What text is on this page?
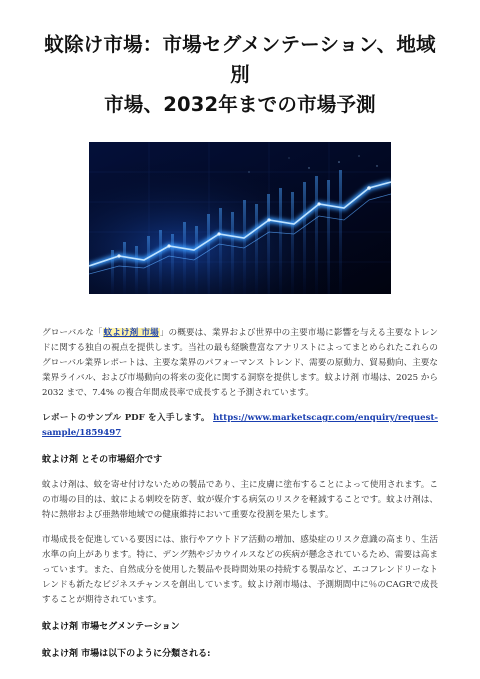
蚊除け市場：市場セグメンテーション、地域別
市場、2032年までの市場予測

グローバルな「蚊よけ剤 市場」の概要は、業界および世界中の主要市場に影響を与える主要なトレンドに関する独自の視点を提供します。当社の最も経験豊富なアナリストによってまとめられたこれらのグローバル業界レポートは、主要な業界のパフォーマンス トレンド、需要の原動力、貿易動向、主要な業界ライバル、および市場動向の将来の変化に関する洞察を提供します。蚊よけ剤 市場は、2025 から 2032 まで、7.4% の複合年間成長率で成長すると予測されています。

レポートのサンプル PDF を入手します。 https://www.marketscagr.com/enquiry/request-sample/1859497

蚊よけ剤 とその市場紹介です

蚊よけ剤は、蚊を寄せ付けないための製品であり、主に皮膚に塗布することによって使用されます。この市場の目的は、蚊による刺咬を防ぎ、蚊が媒介する病気のリスクを軽減することです。蚊よけ剤は、特に熱帯および亜熱帯地域での健康維持において重要な役割を果たします。

市場成長を促進している要因には、旅行やアウトドア活動の増加、感染症のリスク意識の高まり、生活水準の向上があります。特に、デング熱やジカウイルスなどの疾病が懸念されているため、需要は高まっています。また、自然成分を使用した製品や長時間効果の持続する製品など、エコフレンドリーなトレンドも新たなビジネスチャンスを創出しています。蚊よけ剤市場は、予測期間中に％のCAGRで成長することが期待されています。

蚊よけ剤 市場セグメンテーション
蚊よけ剤 市場は以下のように分類される:
